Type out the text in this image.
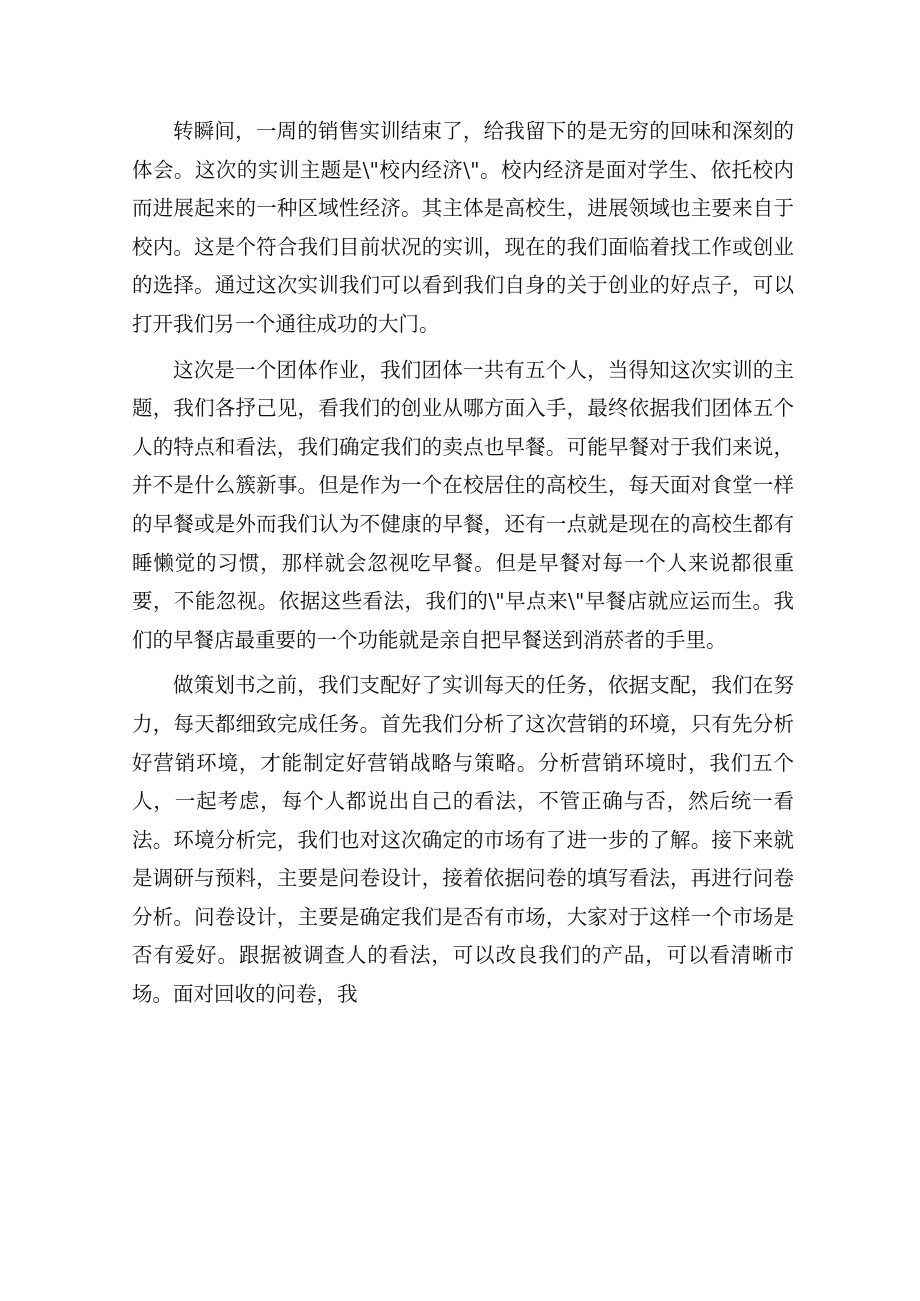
转瞬间，一周的销售实训结束了，给我留下的是无穷的回味和深刻的体会。这次的实训主题是\"校内经济\"。校内经济是面对学生、依托校内而进展起来的一种区域性经济。其主体是高校生，进展领域也主要来自于校内。这是个符合我们目前状况的实训，现在的我们面临着找工作或创业的选择。通过这次实训我们可以看到我们自身的关于创业的好点子，可以打开我们另一个通往成功的大门。

这次是一个团体作业，我们团体一共有五个人，当得知这次实训的主题，我们各抒己见，看我们的创业从哪方面入手，最终依据我们团体五个人的特点和看法，我们确定我们的卖点也早餐。可能早餐对于我们来说，并不是什么簇新事。但是作为一个在校居住的高校生，每天面对食堂一样的早餐或是外而我们认为不健康的早餐，还有一点就是现在的高校生都有睡懒觉的习惯，那样就会忽视吃早餐。但是早餐对每一个人来说都很重要，不能忽视。依据这些看法，我们的\"早点来\"早餐店就应运而生。我们的早餐店最重要的一个功能就是亲自把早餐送到消菸者的手里。

做策划书之前，我们支配好了实训每天的任务，依据支配，我们在努力，每天都细致完成任务。首先我们分析了这次营销的环境，只有先分析好营销环境，才能制定好营销战略与策略。分析营销环境时，我们五个人，一起考虑，每个人都说出自己的看法，不管正确与否，然后统一看法。环境分析完，我们也对这次确定的市场有了进一步的了解。接下来就是调研与预料，主要是问卷设计，接着依据问卷的填写看法，再进行问卷分析。问卷设计，主要是确定我们是否有市场，大家对于这样一个市场是否有爱好。跟据被调查人的看法，可以改良我们的产品，可以看清晰市场。面对回收的问卷，我
